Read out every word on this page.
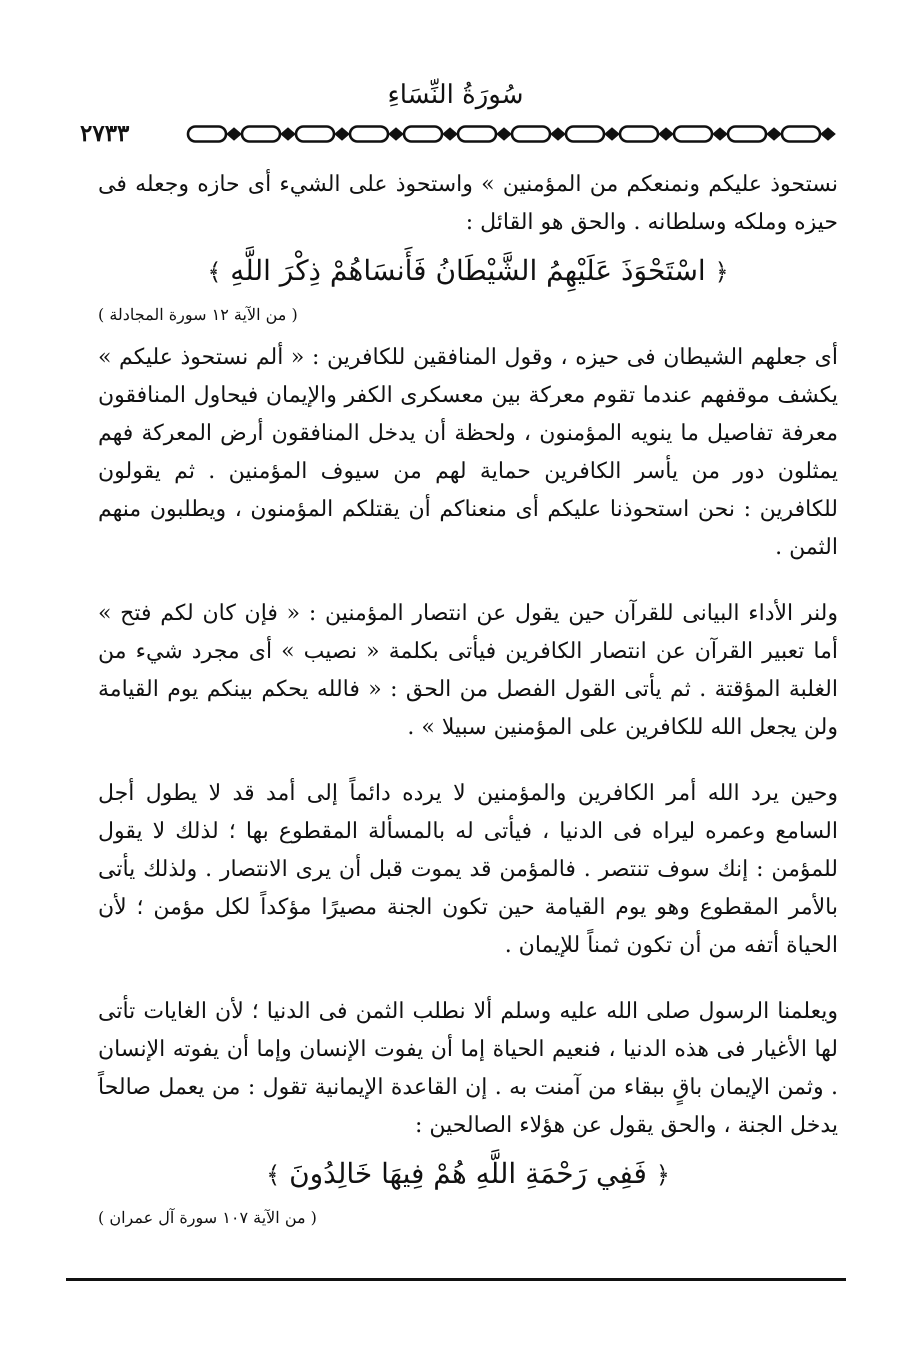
سُورَةُ النِّسَاءِ
٢٧٣٣

نستحوذ عليكم ونمنعكم من المؤمنين » واستحوذ على الشيء أى حازه وجعله فى حيزه وملكه وسلطانه . والحق هو القائل :

﴿ اسْتَحْوَذَ عَلَيْهِمُ الشَّيْطَانُ فَأَنسَاهُمْ ذِكْرَ اللَّهِ ﴾
( من الآية ١٢ سورة المجادلة )

أى جعلهم الشيطان فى حيزه ، وقول المنافقين للكافرين : « ألم نستحوذ عليكم » يكشف موقفهم عندما تقوم معركة بين معسكرى الكفر والإيمان فيحاول المنافقون معرفة تفاصيل ما ينويه المؤمنون ، ولحظة أن يدخل المنافقون أرض المعركة فهم يمثلون دور من يأسر الكافرين حماية لهم من سيوف المؤمنين . ثم يقولون للكافرين : نحن استحوذنا عليكم أى منعناكم أن يقتلكم المؤمنون ، ويطلبون منهم الثمن .

ولنر الأداء البيانى للقرآن حين يقول عن انتصار المؤمنين : « فإن كان لكم فتح » أما تعبير القرآن عن انتصار الكافرين فيأتى بكلمة « نصيب » أى مجرد شيء من الغلبة المؤقتة . ثم يأتى القول الفصل من الحق : « فالله يحكم بينكم يوم القيامة ولن يجعل الله للكافرين على المؤمنين سبيلا » .

وحين يرد الله أمر الكافرين والمؤمنين لا يرده دائماً إلى أمد قد لا يطول أجل السامع وعمره ليراه فى الدنيا ، فيأتى له بالمسألة المقطوع بها ؛ لذلك لا يقول للمؤمن : إنك سوف تنتصر . فالمؤمن قد يموت قبل أن يرى الانتصار . ولذلك يأتى بالأمر المقطوع وهو يوم القيامة حين تكون الجنة مصيرًا مؤكداً لكل مؤمن ؛ لأن الحياة أتفه من أن تكون ثمناً للإيمان .

ويعلمنا الرسول صلى الله عليه وسلم ألا نطلب الثمن فى الدنيا ؛ لأن الغايات تأتى لها الأغيار فى هذه الدنيا ، فنعيم الحياة إما أن يفوت الإنسان وإما أن يفوته الإنسان . وثمن الإيمان باقٍ ببقاء من آمنت به . إن القاعدة الإيمانية تقول : من يعمل صالحاً يدخل الجنة ، والحق يقول عن هؤلاء الصالحين :

﴿ فَفِي رَحْمَةِ اللَّهِ هُمْ فِيهَا خَالِدُونَ ﴾
( من الآية ١٠٧ سورة آل عمران )
